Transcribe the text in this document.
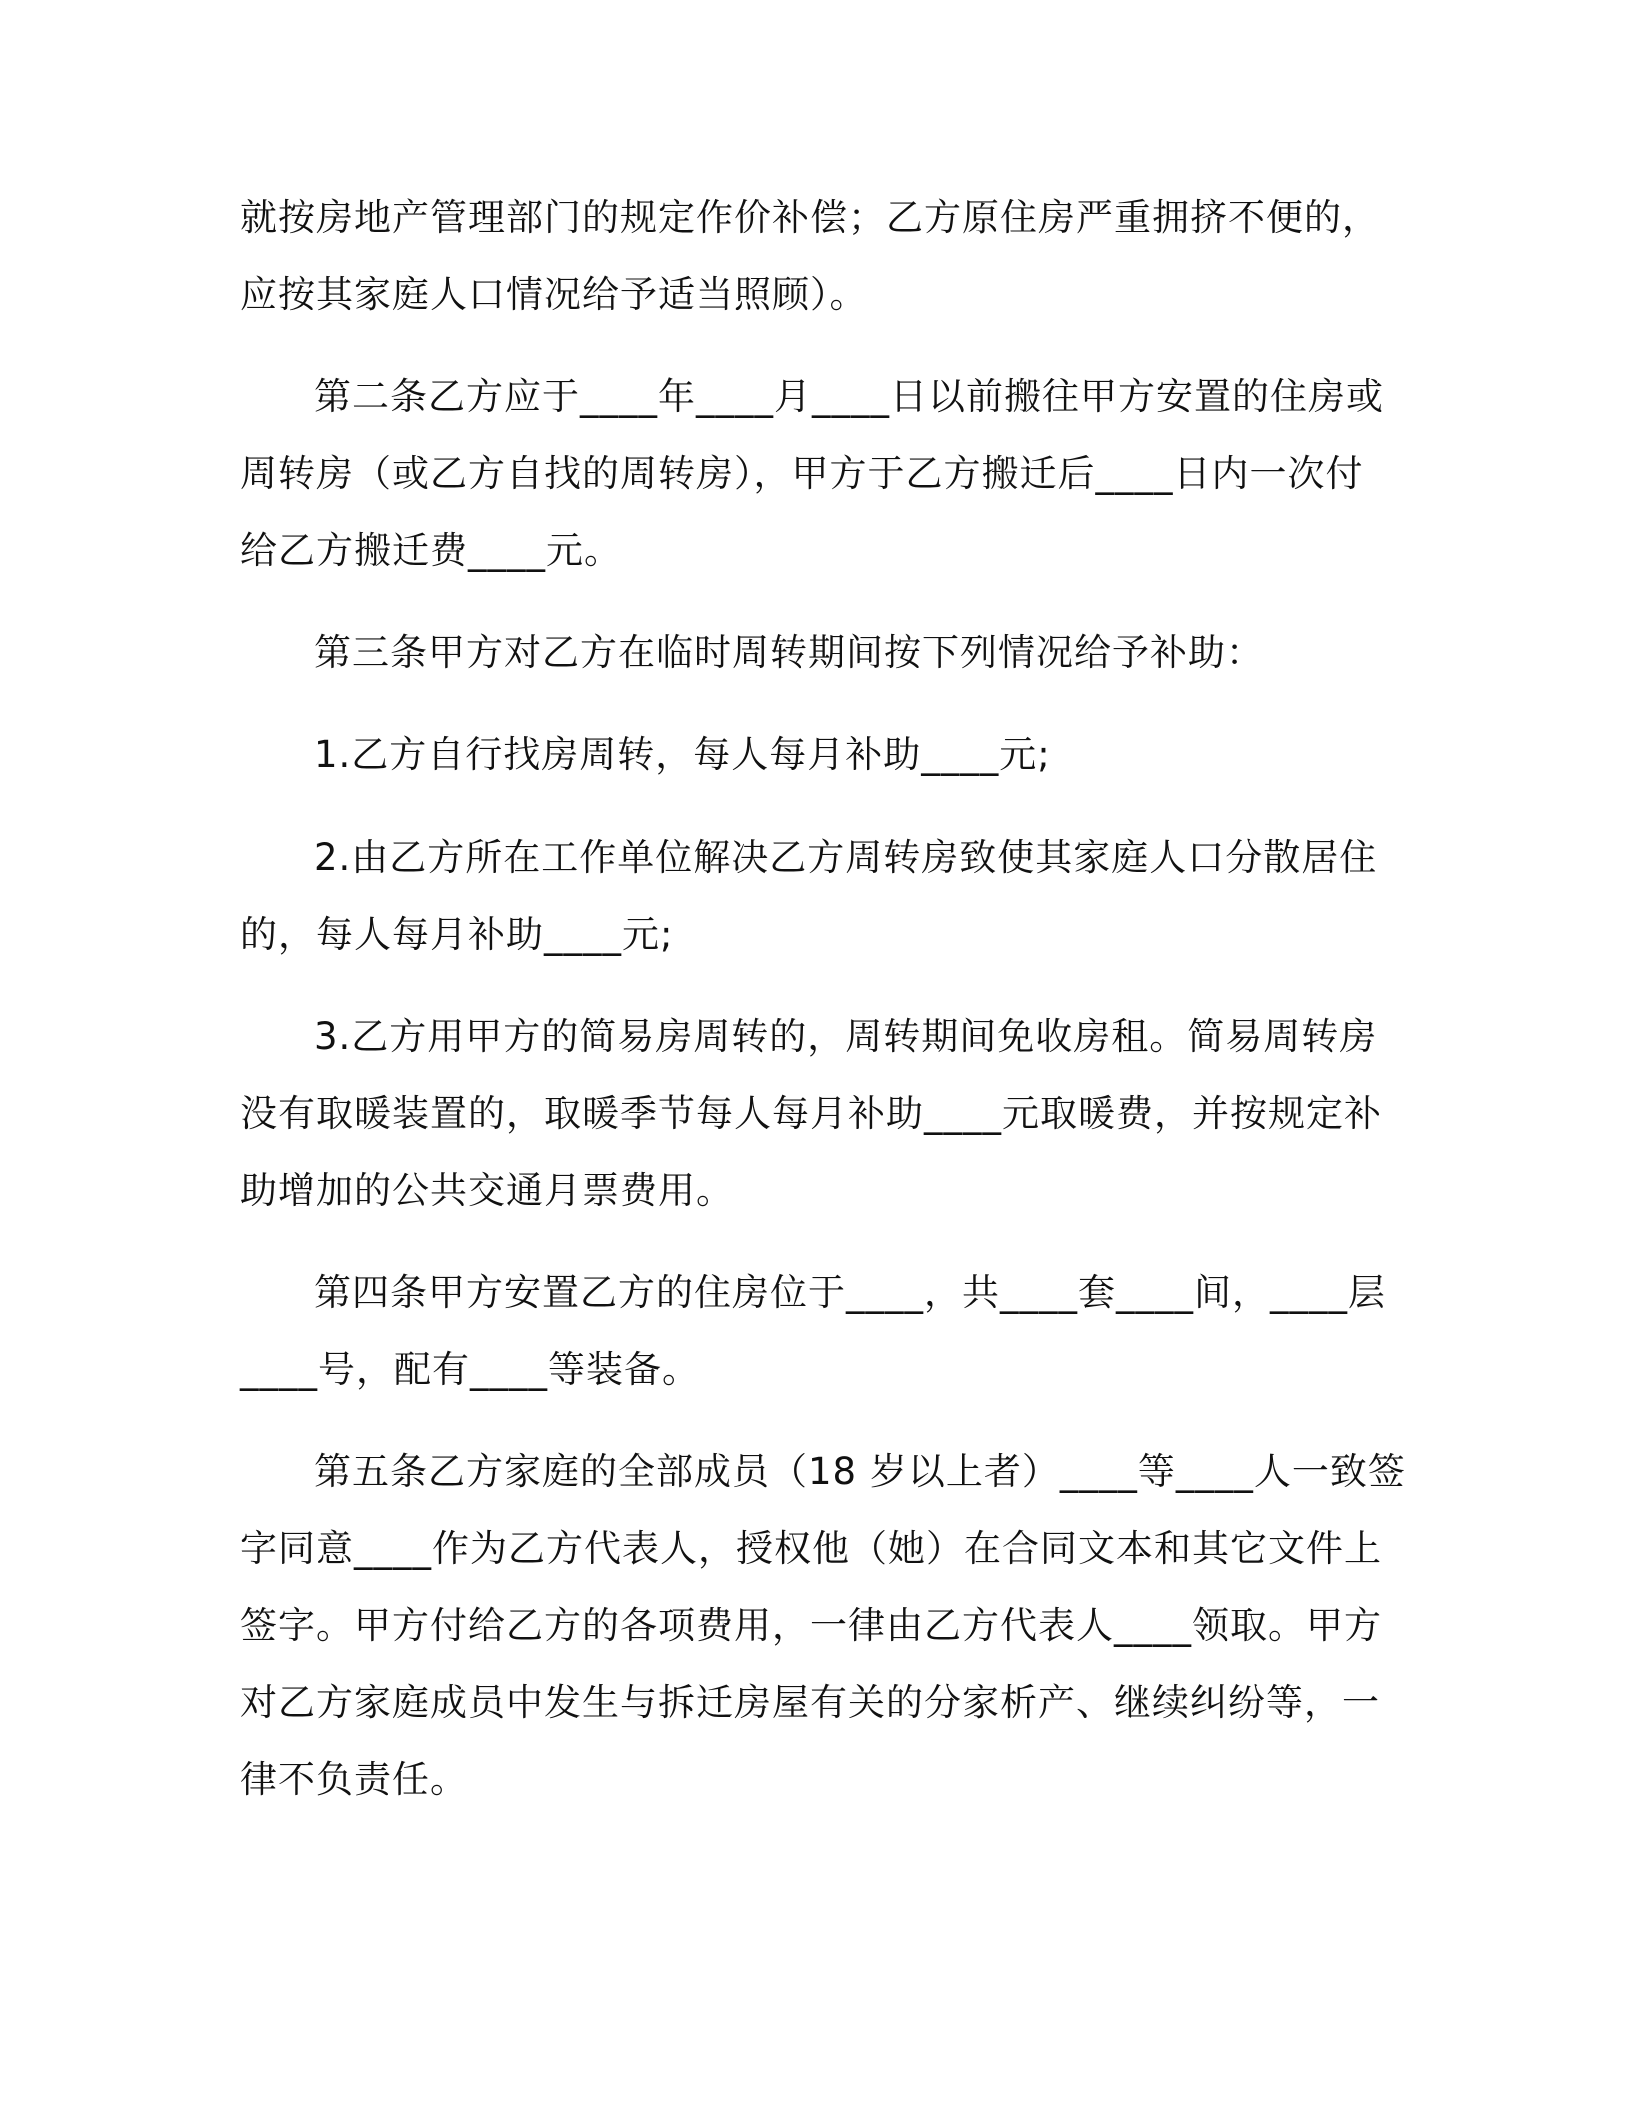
就按房地产管理部门的规定作价补偿；乙方原住房严重拥挤不便的，
应按其家庭人口情况给予适当照顾）。
第二条乙方应于____年____月____日以前搬往甲方安置的住房或
周转房（或乙方自找的周转房），甲方于乙方搬迁后____日内一次付
给乙方搬迁费____元。
第三条甲方对乙方在临时周转期间按下列情况给予补助：
1.乙方自行找房周转，每人每月补助____元;
2.由乙方所在工作单位解决乙方周转房致使其家庭人口分散居住
的，每人每月补助____元;
3.乙方用甲方的简易房周转的，周转期间免收房租。简易周转房
没有取暖装置的，取暖季节每人每月补助____元取暖费，并按规定补
助增加的公共交通月票费用。
第四条甲方安置乙方的住房位于____，共____套____间，____层
____号，配有____等装备。
第五条乙方家庭的全部成员（18 岁以上者）____等____人一致签
字同意____作为乙方代表人，授权他（她）在合同文本和其它文件上
签字。甲方付给乙方的各项费用，一律由乙方代表人____领取。甲方
对乙方家庭成员中发生与拆迁房屋有关的分家析产、继续纠纷等，一
律不负责任。
